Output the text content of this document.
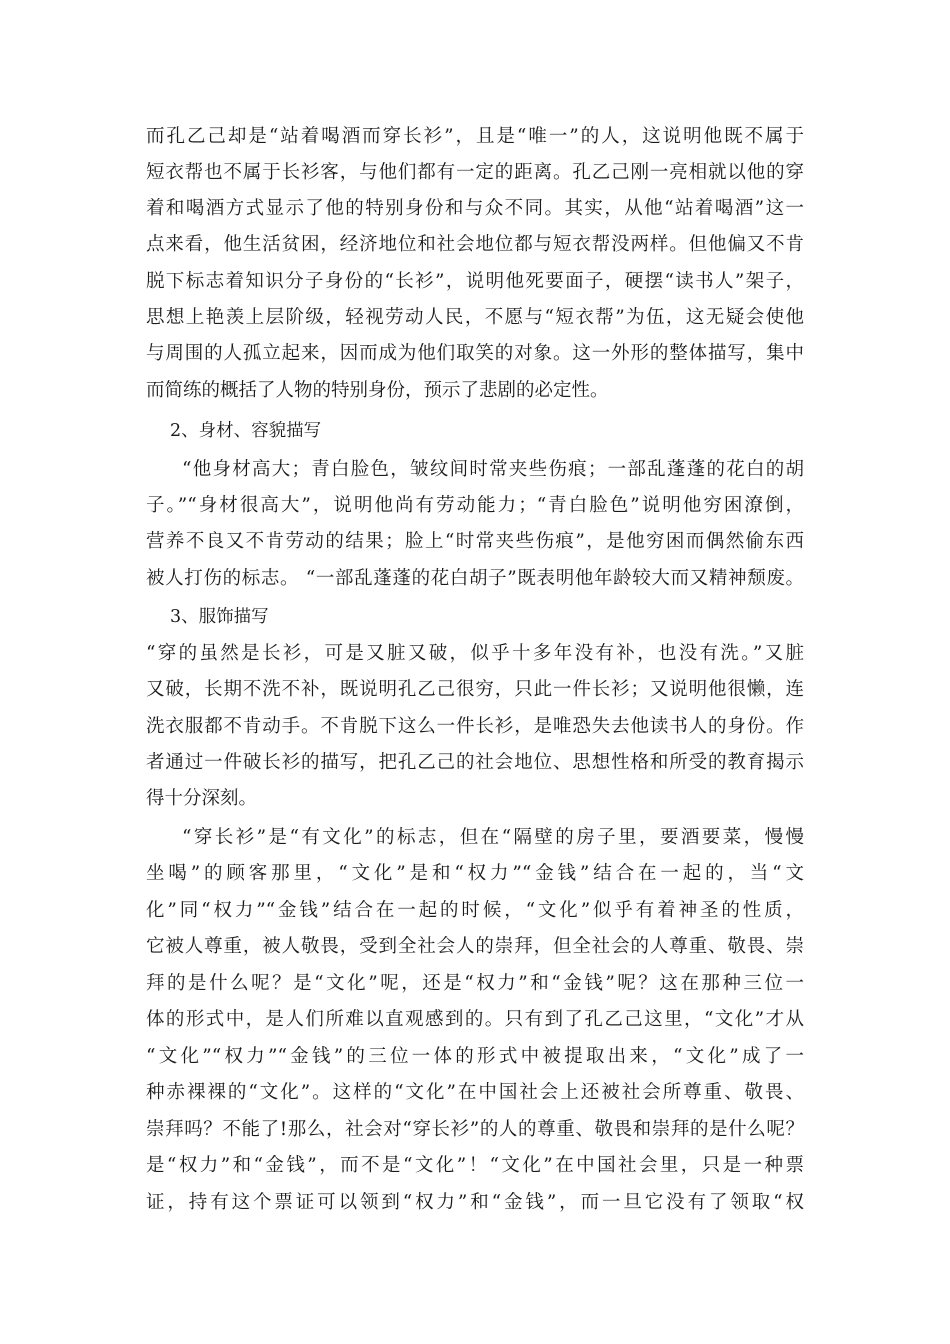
而孔乙己却是“站着喝酒而穿长衫”，且是“唯一”的人，这说明他既不属于
短衣帮也不属于长衫客，与他们都有一定的距离。孔乙己刚一亮相就以他的穿
着和喝酒方式显示了他的特别身份和与众不同。其实，从他“站着喝酒”这一
点来看，他生活贫困，经济地位和社会地位都与短衣帮没两样。但他偏又不肯
脱下标志着知识分子身份的“长衫”，说明他死要面子，硬摆“读书人”架子，
思想上艳羡上层阶级，轻视劳动人民，不愿与“短衣帮”为伍，这无疑会使他
与周围的人孤立起来，因而成为他们取笑的对象。这一外形的整体描写，集中
而简练的概括了人物的特别身份，预示了悲剧的必定性。
2、身材、容貌描写
“他身材高大；青白脸色，皱纹间时常夹些伤痕；一部乱蓬蓬的花白的胡
子。”“身材很高大”，说明他尚有劳动能力；“青白脸色”说明他穷困潦倒，
营养不良又不肯劳动的结果；脸上“时常夹些伤痕”，是他穷困而偶然偷东西
被人打伤的标志。 “一部乱蓬蓬的花白胡子”既表明他年龄较大而又精神颓废。
3、服饰描写
“穿的虽然是长衫，可是又脏又破，似乎十多年没有补，也没有洗。”又脏
又破，长期不洗不补，既说明孔乙己很穷，只此一件长衫；又说明他很懒，连
洗衣服都不肯动手。不肯脱下这么一件长衫，是唯恐失去他读书人的身份。作
者通过一件破长衫的描写，把孔乙己的社会地位、思想性格和所受的教育揭示
得十分深刻。
“穿长衫”是“有文化”的标志，但在“隔壁的房子里，要酒要菜，慢慢
坐喝”的顾客那里，“文化”是和“权力”“金钱”结合在一起的，当“文
化”同“权力”“金钱”结合在一起的时候，“文化”似乎有着神圣的性质，
它被人尊重，被人敬畏，受到全社会人的崇拜，但全社会的人尊重、敬畏、崇
拜的是什么呢？是“文化”呢，还是“权力”和“金钱”呢？这在那种三位一
体的形式中，是人们所难以直观感到的。只有到了孔乙己这里，“文化”才从
“文化”“权力”“金钱”的三位一体的形式中被提取出来，“文化”成了一
种赤裸裸的“文化”。这样的“文化”在中国社会上还被社会所尊重、敬畏、
崇拜吗？不能了!那么，社会对“穿长衫”的人的尊重、敬畏和崇拜的是什么呢？
是“权力”和“金钱”，而不是“文化”！“文化”在中国社会里，只是一种票
证，持有这个票证可以领到“权力”和“金钱”，而一旦它没有了领取“权
